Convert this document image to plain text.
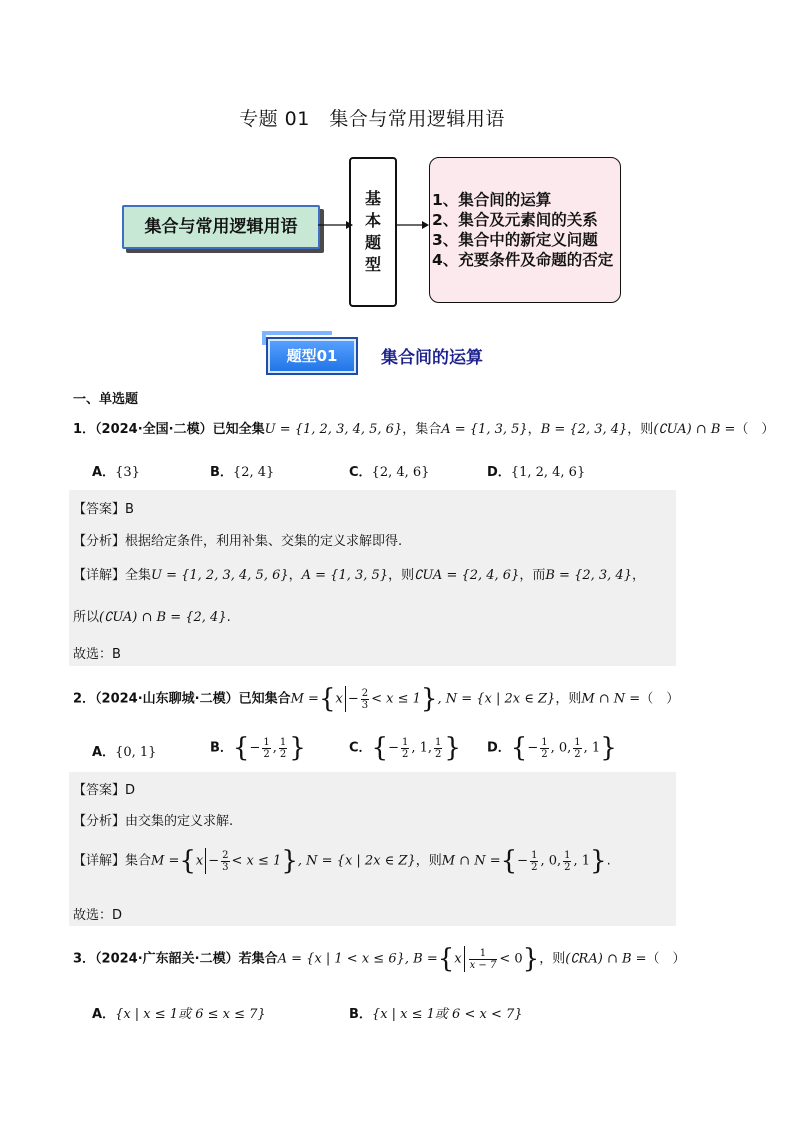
专题 01　集合与常用逻辑用语
集合与常用逻辑用语
基
本
题
型
1、集合间的运算
2、集合及元素间的关系
3、集合中的新定义问题
4、充要条件及命题的否定
题型01	集合间的运算
一、单选题
1．（2024·全国·二模）已知全集U = {1, 2, 3, 4, 5, 6}，集合A = {1, 3, 5}，B = {2, 3, 4}，则(∁UA) ∩ B =（　）
A．{3}	B．{2, 4}	C．{2, 4, 6}	D．{1, 2, 4, 6}
【答案】B
【分析】根据给定条件，利用补集、交集的定义求解即得.
【详解】全集U = {1, 2, 3, 4, 5, 6}，A = {1, 3, 5}，则∁UA = {2, 4, 6}，而B = {2, 3, 4}，
所以(∁UA) ∩ B = {2, 4}.
故选：B
2．（2024·山东聊城·二模）已知集合$M =\{x - \frac{2}{3} < x \le 1\}$, N = {x | 2x ∈ Z}，则M ∩ N =（　）
A．{0, 1}	B．{− $\frac{1}{2}$ , $\frac{1}{2}$ }	C．{− $\frac{1}{2}$ , 1, $\frac{1}{2}$ } D．{− $\frac{1}{2}$ , 0, $\frac{1}{2}$ , 1}
【答案】D
【分析】由交集的定义求解.
【详解】集合$M =\{x - \frac{2}{3} < x \le 1\}$, N = {x | 2x ∈ Z}，则M ∩ N ={− $\frac{1}{2}$ , 0, $\frac{1}{2}$ , 1}.
故选：D
3．（2024·广东韶关·二模）若集合A = {x | 1 < x ≤ 6}, $B =\{x \frac{1}{x - 7} < 0\}$，则(∁RA) ∩ B =（　）
A．{x | x ≤ 1或 6 ≤ x ≤ 7}	B．{x | x ≤ 1或 6 < x < 7}
